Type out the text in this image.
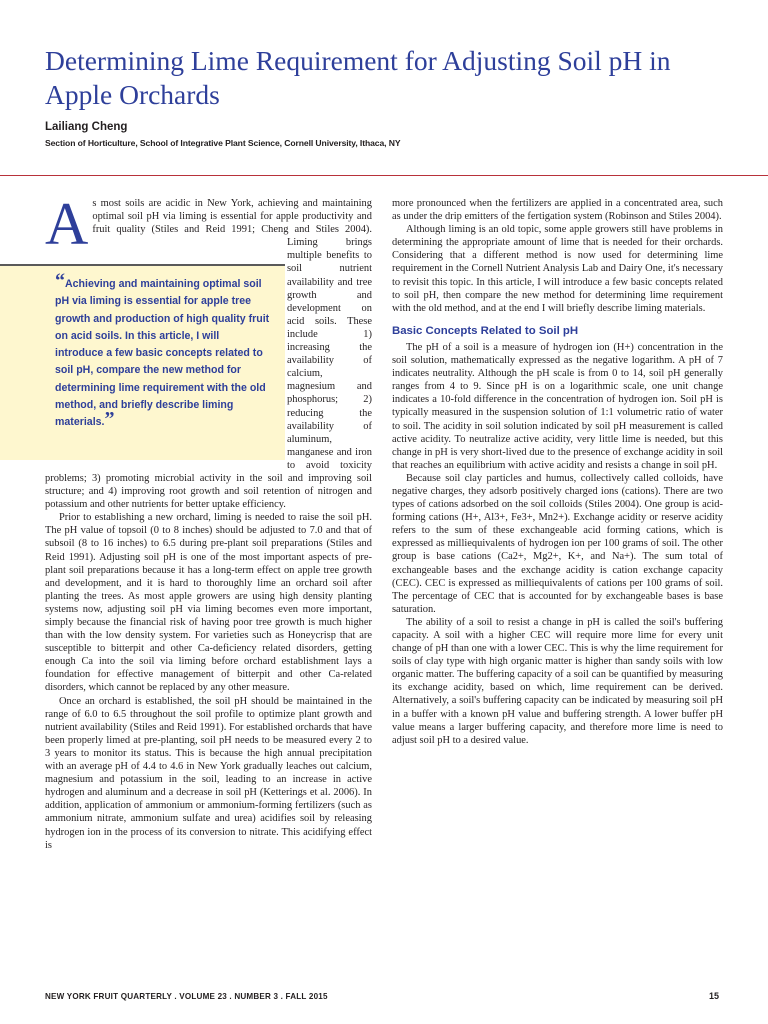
Determining Lime Requirement for Adjusting Soil pH in Apple Orchards
Lailiang Cheng
Section of Horticulture, School of Integrative Plant Science, Cornell University, Ithaca, NY
“Achieving and maintaining optimal soil pH via liming is essential for apple tree growth and production of high quality fruit on acid soils. In this article, I will introduce a few basic concepts related to soil pH, compare the new method for determining lime requirement with the old method, and briefly describe liming materials.”
A s most soils are acidic in New York, achieving and maintaining optimal soil pH via liming is essential for apple productivity and fruit quality (Stiles and Reid 1991; Cheng and Stiles 2004). Liming brings multiple benefits to soil nutrient availability and tree growth and development on acid soils. These include 1) increasing the availability of calcium, magnesium and phosphorus; 2) reducing the availability of aluminum, manganese and iron to avoid toxicity problems; 3) promoting microbial activity in the soil and improving soil structure; and 4) improving root growth and soil retention of nitrogen and potassium and other nutrients for better uptake efficiency.

Prior to establishing a new orchard, liming is needed to raise the soil pH. The pH value of topsoil (0 to 8 inches) should be adjusted to 7.0 and that of subsoil (8 to 16 inches) to 6.5 during pre-plant soil preparations (Stiles and Reid 1991). Adjusting soil pH is one of the most important aspects of pre-plant soil preparations because it has a long-term effect on apple tree growth and development, and it is hard to thoroughly lime an orchard soil after planting the trees. As most apple growers are using high density planting systems now, adjusting soil pH via liming becomes even more important, simply because the financial risk of having poor tree growth is much higher than with the low density system. For varieties such as Honeycrisp that are susceptible to bitterpit and other Ca-deficiency related disorders, getting enough Ca into the soil via liming before orchard establishment lays a foundation for effective management of bitterpit and other Ca-related disorders, which cannot be replaced by any other measure.

Once an orchard is established, the soil pH should be maintained in the range of 6.0 to 6.5 throughout the soil profile to optimize plant growth and nutrient availability (Stiles and Reid 1991). For established orchards that have been properly limed at pre-planting, soil pH needs to be measured every 2 to 3 years to monitor its status. This is because the high annual precipitation with an average pH of 4.4 to 4.6 in New York gradually leaches out calcium, magnesium and potassium in the soil, leading to an increase in active hydrogen and aluminum and a decrease in soil pH (Ketterings et al. 2006). In addition, application of ammonium or ammonium-forming fertilizers (such as ammonium nitrate, ammonium sulfate and urea) acidifies soil by releasing hydrogen ion in the process of its conversion to nitrate. This acidifying effect is

more pronounced when the fertilizers are applied in a concentrated area, such as under the drip emitters of the fertigation system (Robinson and Stiles 2004).

Although liming is an old topic, some apple growers still have problems in determining the appropriate amount of lime that is needed for their orchards. Considering that a different method is now used for determining lime requirement in the Cornell Nutrient Analysis Lab and Dairy One, it's necessary to revisit this topic. In this article, I will introduce a few basic concepts related to soil pH, then compare the new method for determining lime requirement with the old method, and at the end I will briefly describe liming materials.

Basic Concepts Related to Soil pH

The pH of a soil is a measure of hydrogen ion (H+) concentration in the soil solution, mathematically expressed as the negative logarithm. A pH of 7 indicates neutrality. Although the pH scale is from 0 to 14, soil pH generally ranges from 4 to 9. Since pH is on a logarithmic scale, one unit change indicates a 10-fold difference in the concentration of hydrogen ion. Soil pH is typically measured in the suspension solution of 1:1 volumetric ratio of water to soil. The acidity in soil solution indicated by soil pH measurement is called active acidity. To neutralize active acidity, very little lime is needed, but this change in pH is very short-lived due to the presence of exchange acidity in soil that reaches an equilibrium with active acidity and resists a change in soil pH.

Because soil clay particles and humus, collectively called colloids, have negative charges, they adsorb positively charged ions (cations). There are two types of cations adsorbed on the soil colloids (Stiles 2004). One group is acid-forming cations (H+, Al3+, Fe3+, Mn2+). Exchange acidity or reserve acidity refers to the sum of these exchangeable acid forming cations, which is expressed as milliequivalents of hydrogen ion per 100 grams of soil. The other group is base cations (Ca2+, Mg2+, K+, and Na+). The sum total of exchangeable bases and the exchange acidity is cation exchange capacity (CEC). CEC is expressed as milliequivalents of cations per 100 grams of soil. The percentage of CEC that is accounted for by exchangeable bases is base saturation.

The ability of a soil to resist a change in pH is called the soil's buffering capacity. A soil with a higher CEC will require more lime for every unit change of pH than one with a lower CEC. This is why the lime requirement for soils of clay type with high organic matter is higher than sandy soils with low organic matter. The buffering capacity of a soil can be quantified by measuring its exchange acidity, based on which, lime requirement can be derived. Alternatively, a soil's buffering capacity can be indicated by measuring soil pH in a buffer with a known pH value and buffering strength. A lower buffer pH value means a larger buffering capacity, and therefore more lime is need to adjust soil pH to a desired value.

NEW YORK FRUIT QUARTERLY . VOLUME 23 . NUMBER 3 . FALL 2015	15
